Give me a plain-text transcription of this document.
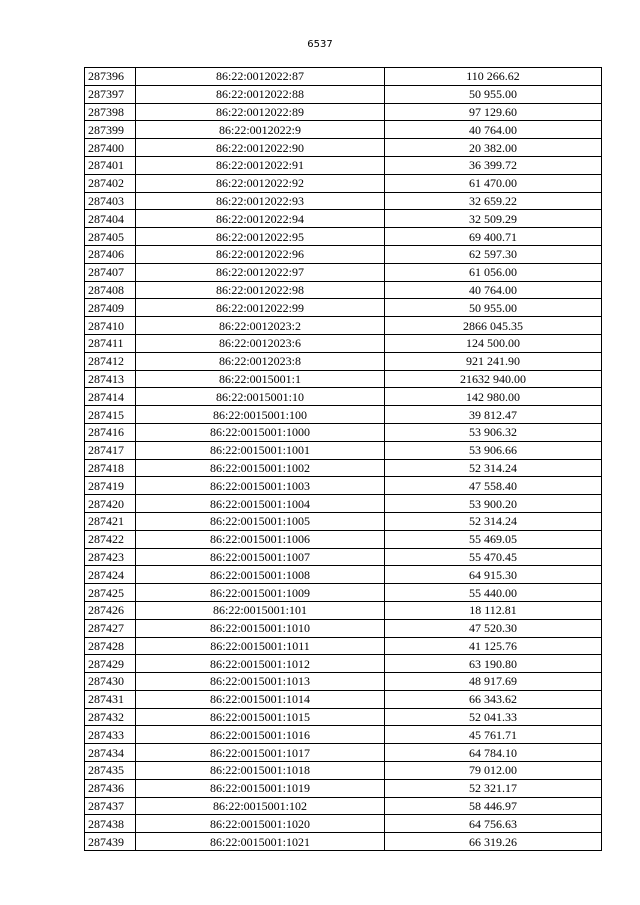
6537
287396	86:22:0012022:87	110 266.62
287397	86:22:0012022:88	50 955.00
287398	86:22:0012022:89	97 129.60
287399	86:22:0012022:9	40 764.00
287400	86:22:0012022:90	20 382.00
287401	86:22:0012022:91	36 399.72
287402	86:22:0012022:92	61 470.00
287403	86:22:0012022:93	32 659.22
287404	86:22:0012022:94	32 509.29
287405	86:22:0012022:95	69 400.71
287406	86:22:0012022:96	62 597.30
287407	86:22:0012022:97	61 056.00
287408	86:22:0012022:98	40 764.00
287409	86:22:0012022:99	50 955.00
287410	86:22:0012023:2	2866 045.35
287411	86:22:0012023:6	124 500.00
287412	86:22:0012023:8	921 241.90
287413	86:22:0015001:1	21632 940.00
287414	86:22:0015001:10	142 980.00
287415	86:22:0015001:100	39 812.47
287416	86:22:0015001:1000	53 906.32
287417	86:22:0015001:1001	53 906.66
287418	86:22:0015001:1002	52 314.24
287419	86:22:0015001:1003	47 558.40
287420	86:22:0015001:1004	53 900.20
287421	86:22:0015001:1005	52 314.24
287422	86:22:0015001:1006	55 469.05
287423	86:22:0015001:1007	55 470.45
287424	86:22:0015001:1008	64 915.30
287425	86:22:0015001:1009	55 440.00
287426	86:22:0015001:101	18 112.81
287427	86:22:0015001:1010	47 520.30
287428	86:22:0015001:1011	41 125.76
287429	86:22:0015001:1012	63 190.80
287430	86:22:0015001:1013	48 917.69
287431	86:22:0015001:1014	66 343.62
287432	86:22:0015001:1015	52 041.33
287433	86:22:0015001:1016	45 761.71
287434	86:22:0015001:1017	64 784.10
287435	86:22:0015001:1018	79 012.00
287436	86:22:0015001:1019	52 321.17
287437	86:22:0015001:102	58 446.97
287438	86:22:0015001:1020	64 756.63
287439	86:22:0015001:1021	66 319.26
